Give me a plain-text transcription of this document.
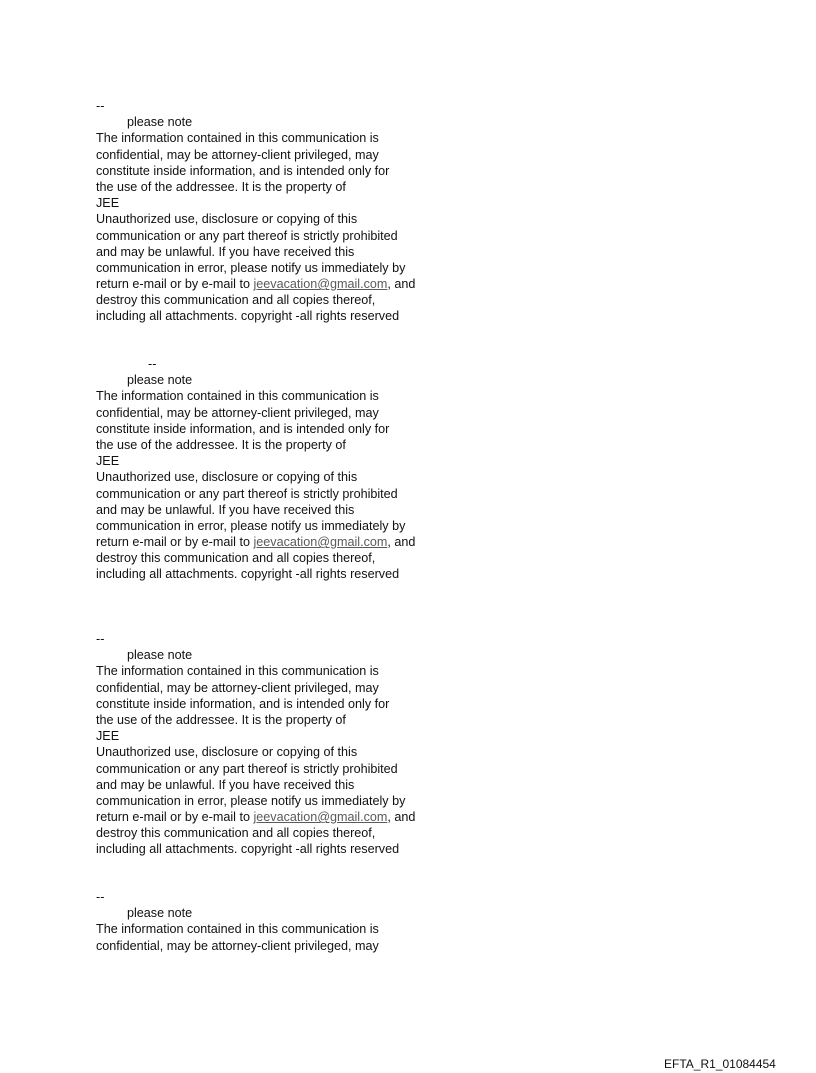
--
please note
The information contained in this communication is
confidential, may be attorney-client privileged, may
constitute inside information, and is intended only for
the use of the addressee. It is the property of
JEE
Unauthorized use, disclosure or copying of this
communication or any part thereof is strictly prohibited
and may be unlawful. If you have received this
communication in error, please notify us immediately by
return e-mail or by e-mail to jeevacation@gmail.com, and
destroy this communication and all copies thereof,
including all attachments. copyright -all rights reserved
--
please note
The information contained in this communication is
confidential, may be attorney-client privileged, may
constitute inside information, and is intended only for
the use of the addressee. It is the property of
JEE
Unauthorized use, disclosure or copying of this
communication or any part thereof is strictly prohibited
and may be unlawful. If you have received this
communication in error, please notify us immediately by
return e-mail or by e-mail to jeevacation@gmail.com, and
destroy this communication and all copies thereof,
including all attachments. copyright -all rights reserved
--
please note
The information contained in this communication is
confidential, may be attorney-client privileged, may
constitute inside information, and is intended only for
the use of the addressee. It is the property of
JEE
Unauthorized use, disclosure or copying of this
communication or any part thereof is strictly prohibited
and may be unlawful. If you have received this
communication in error, please notify us immediately by
return e-mail or by e-mail to jeevacation@gmail.com, and
destroy this communication and all copies thereof,
including all attachments. copyright -all rights reserved
--
please note
The information contained in this communication is
confidential, may be attorney-client privileged, may
EFTA_R1_01084454
